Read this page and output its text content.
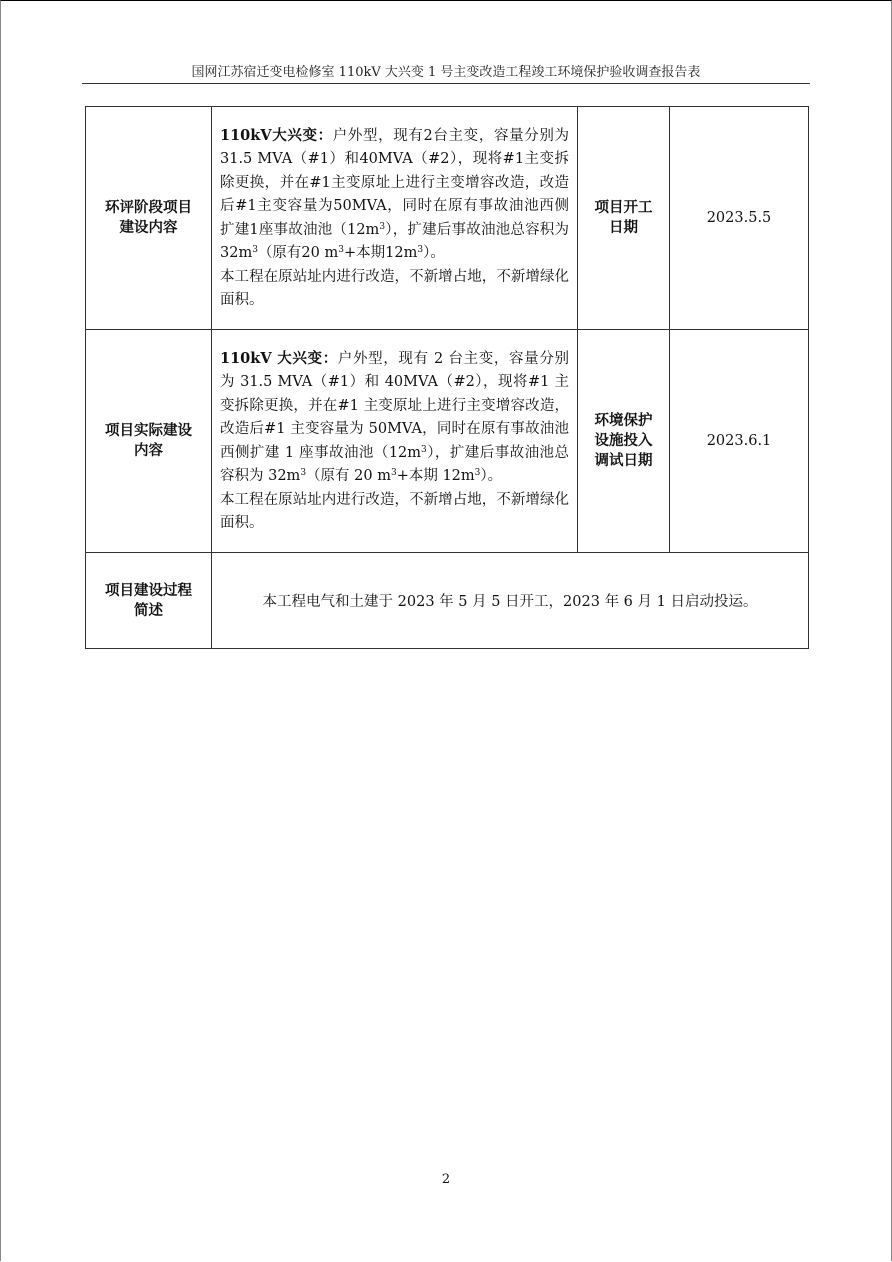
国网江苏宿迁变电检修室 110kV 大兴变 1 号主变改造工程竣工环境保护验收调查报告表
环评阶段项目建设内容	110kV大兴变：户外型，现有2台主变，容量分别为31.5 MVA（#1）和40MVA（#2），现将#1主变拆除更换，并在#1主变原址上进行主变增容改造，改造后#1主变容量为50MVA，同时在原有事故油池西侧扩建1座事故油池$(12m^3)$，扩建后事故油池总容积为$32m^3$（原有20 $m^3+$本期$12m^3$）。

本工程在原站址内进行改造，不新增占地，不新增绿化面积。	项目开工日期	2023.5.5
项目实际建设内容	110kV 大兴变：户外型，现有 2 台主变，容量分别为 31.5 MVA（#1）和 40MVA（#2），现将#1 主变拆除更换，并在#1 主变原址上进行主变增容改造，改造后#1 主变容量为 50MVA，同时在原有事故油池西侧扩建 1 座事故油池$(12m^3)$，扩建后事故油池总容积为 $32m^3$（原有 20 $m^3+$本期 $12m^3$）。

本工程在原站址内进行改造，不新增占地，不新增绿化面积。	环境保护设施投入调试日期	2023.6.1
项目建设过程简述	本工程电气和土建于 2023 年 5 月 5 日开工，2023 年 6 月 1 日启动投运。		
2
